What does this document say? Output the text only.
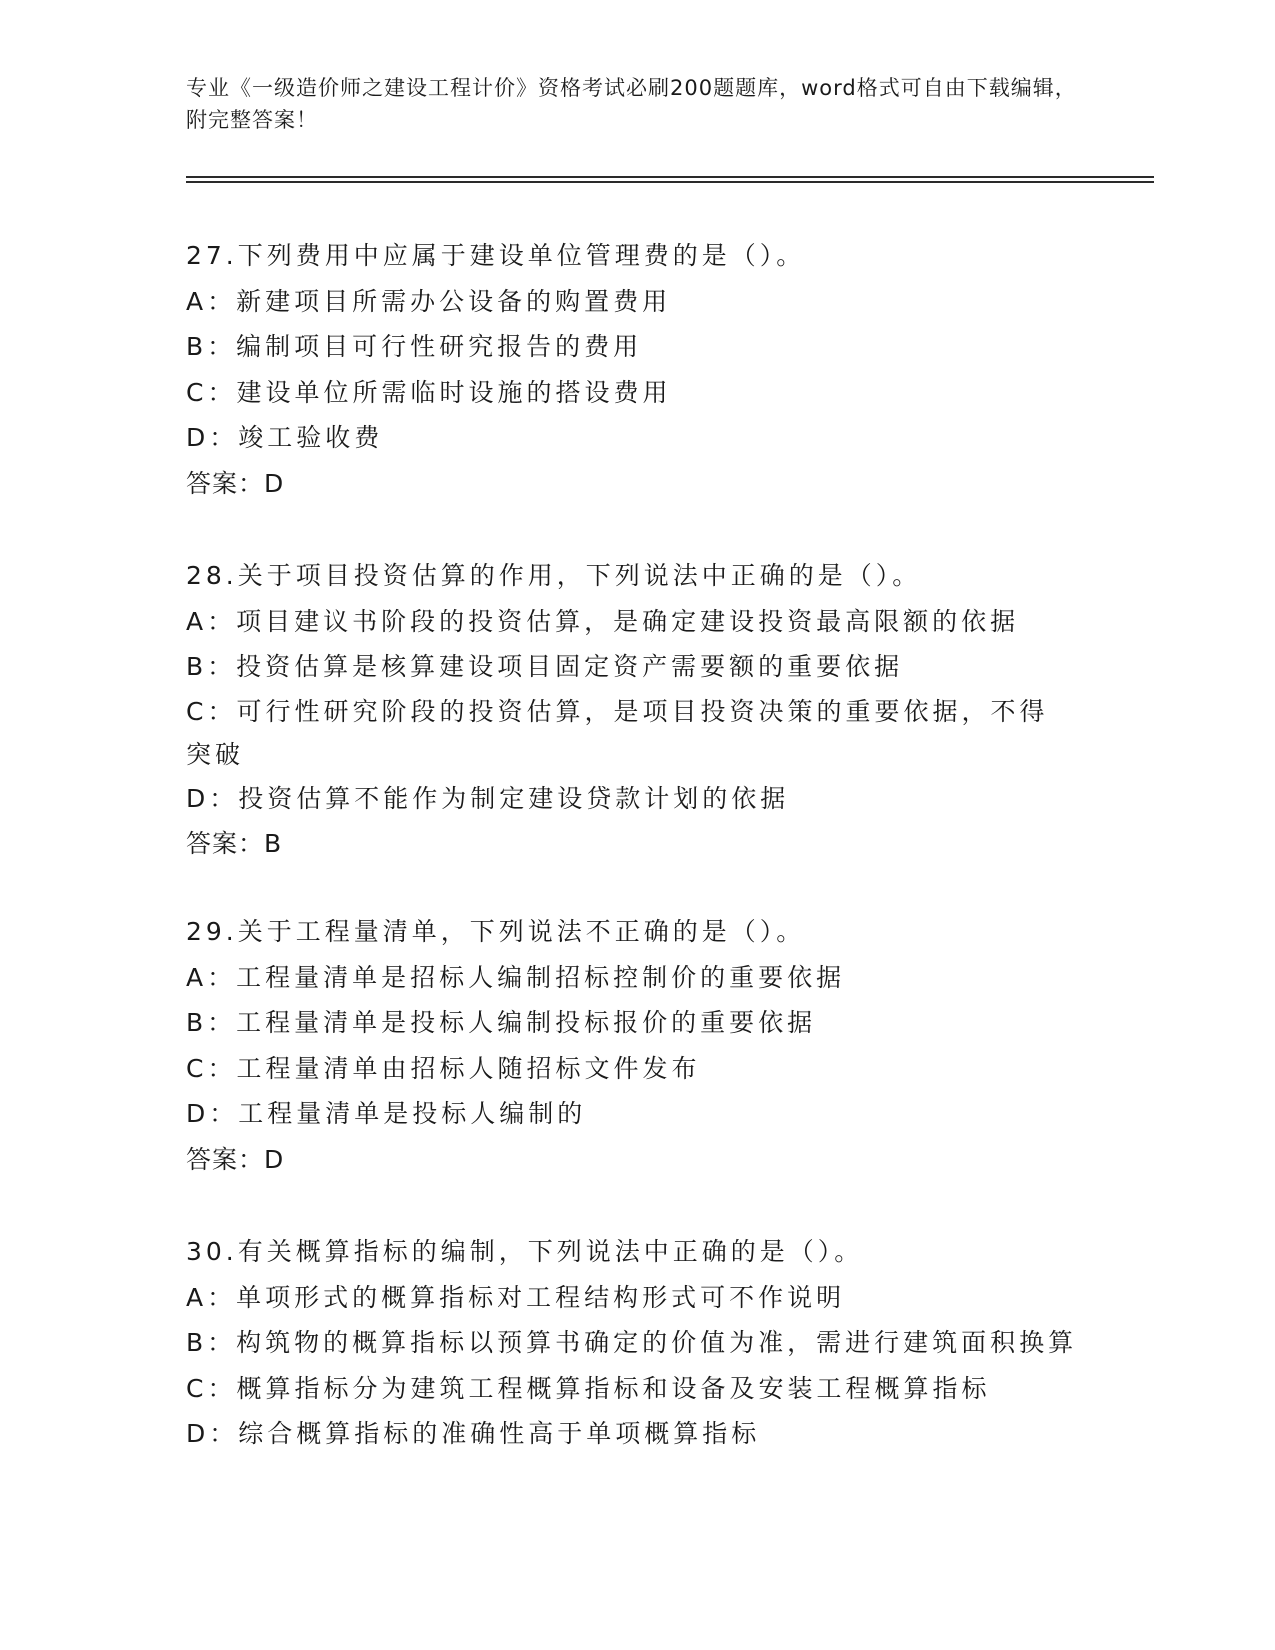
专业《一级造价师之建设工程计价》资格考试必刷200题题库，word格式可自由下载编辑，附完整答案！
27.下列费用中应属于建设单位管理费的是（）。
A：新建项目所需办公设备的购置费用
B：编制项目可行性研究报告的费用
C：建设单位所需临时设施的搭设费用
D：竣工验收费
答案：D
28.关于项目投资估算的作用，下列说法中正确的是（）。
A：项目建议书阶段的投资估算，是确定建设投资最高限额的依据
B：投资估算是核算建设项目固定资产需要额的重要依据
C：可行性研究阶段的投资估算，是项目投资决策的重要依据，不得突破
D：投资估算不能作为制定建设贷款计划的依据
答案：B
29.关于工程量清单，下列说法不正确的是（）。
A：工程量清单是招标人编制招标控制价的重要依据
B：工程量清单是投标人编制投标报价的重要依据
C：工程量清单由招标人随招标文件发布
D：工程量清单是投标人编制的
答案：D
30.有关概算指标的编制，下列说法中正确的是（）。
A：单项形式的概算指标对工程结构形式可不作说明
B：构筑物的概算指标以预算书确定的价值为准，需进行建筑面积换算
C：概算指标分为建筑工程概算指标和设备及安装工程概算指标
D：综合概算指标的准确性高于单项概算指标
